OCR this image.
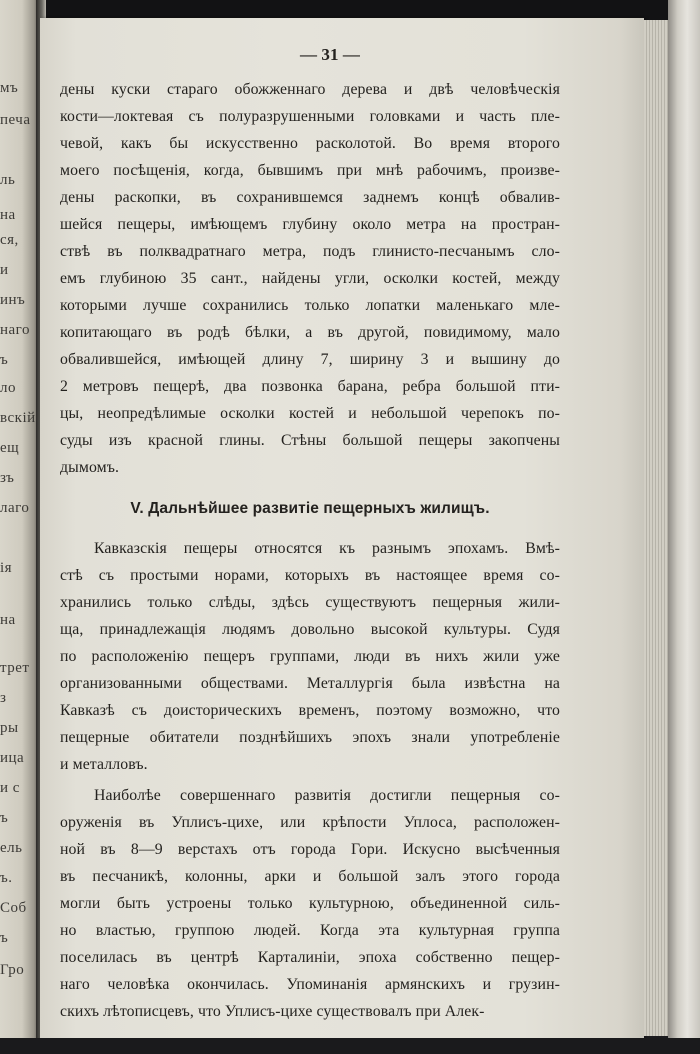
мъ
печа
ль
на
ся,
и
инъ
наго
ъ
ло
вскій
ещ
зъ
лаго
ія
на
трет
з
ры
ица
и с
ъ
ель
ъ.
Соб
ъ
Гро
— 31 —
дены куски стараго обожженнаго дерева и двѣ человѣческія
кости—локтевая съ полуразрушенными головками и часть пле-
чевой, какъ бы искусственно расколотой. Во время второго
моего посѣщенія, когда, бывшимъ при мнѣ рабочимъ, произве-
дены раскопки, въ сохранившемся заднемъ концѣ обвалив-
шейся пещеры, имѣющемъ глубину около метра на простран-
ствѣ въ полквадратнаго метра, подъ глинисто-песчанымъ сло-
емъ глубиною 35 сант., найдены угли, осколки костей, между
которыми лучше сохранились только лопатки маленькаго мле-
копитающаго въ родѣ бѣлки, а въ другой, повидимому, мало
обвалившейся, имѣющей длину 7, ширину 3 и вышину до
2 метровъ пещерѣ, два позвонка барана, ребра большой пти-
цы, неопредѣлимые осколки костей и небольшой черепокъ по-
суды изъ красной глины. Стѣны большой пещеры закопчены
дымомъ.
V. Дальнѣйшее развитіе пещерныхъ жилищъ.
Кавказскія пещеры относятся къ разнымъ эпохамъ. Вмѣ-
стѣ съ простыми норами, которыхъ въ настоящее время со-
хранились только слѣды, здѣсь существуютъ пещерныя жили-
ща, принадлежащія людямъ довольно высокой культуры. Судя
по расположенію пещеръ группами, люди въ нихъ жили уже
организованными обществами. Металлургія была извѣстна на
Кавказѣ съ доисторическихъ временъ, поэтому возможно, что
пещерные обитатели позднѣйшихъ эпохъ знали употребленіе
и металловъ.
Наиболѣе совершеннаго развитія достигли пещерныя со-
оруженія въ Уплисъ-цихе, или крѣпости Уплоса, расположен-
ной въ 8—9 верстахъ отъ города Гори. Искусно высѣченныя
въ песчаникѣ, колонны, арки и большой залъ этого города
могли быть устроены только культурною, объединенной силь-
но властью, группою людей. Когда эта культурная группа
поселилась въ центрѣ Карталиніи, эпоха собственно пещер-
наго человѣка окончилась. Упоминанія армянскихъ и грузин-
скихъ лѣтописцевъ, что Уплисъ-цихе существовалъ при Алек-
